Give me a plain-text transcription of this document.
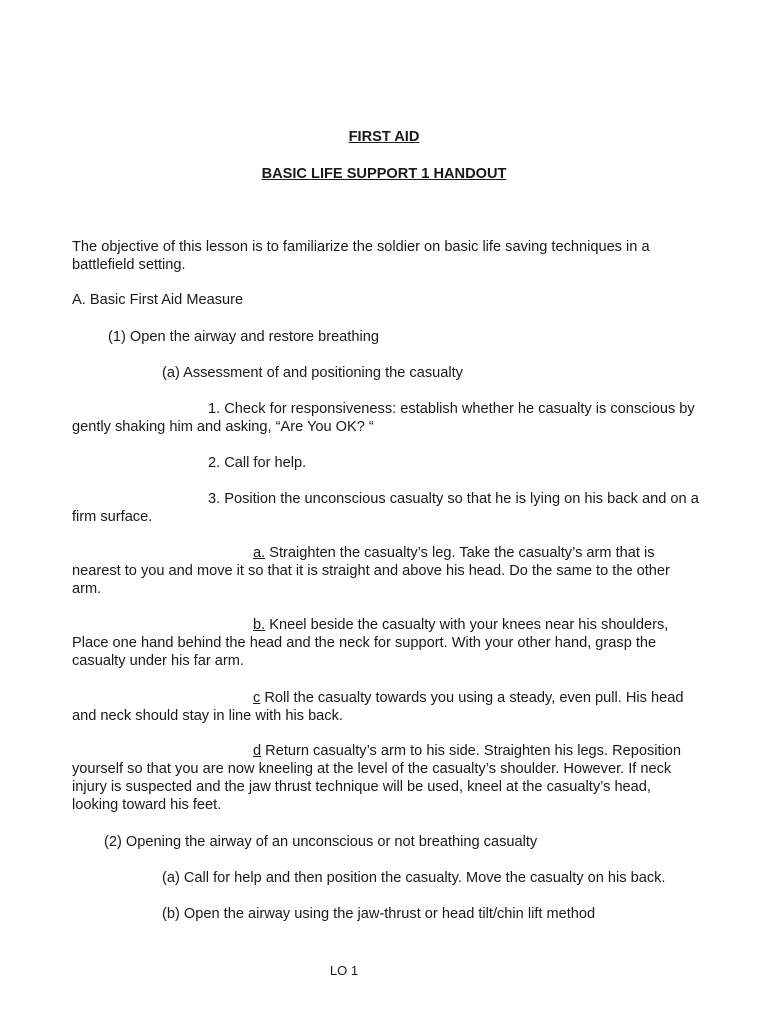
FIRST AID
BASIC LIFE SUPPORT 1 HANDOUT
The objective of this lesson is to familiarize the soldier on basic life saving techniques in a battlefield setting.
A. Basic First Aid Measure
(1) Open the airway and restore breathing
(a) Assessment of and positioning the casualty
1. Check for responsiveness: establish whether he casualty is conscious by gently shaking him and asking, “Are You OK? “
2. Call for help.
3. Position the unconscious casualty so that he is lying on his back and on a firm surface.
a. Straighten the casualty’s leg. Take the casualty’s arm that is nearest to you and move it so that it is straight and above his head. Do the same to the other arm.
b. Kneel beside the casualty with your knees near his shoulders, Place one hand behind the head and the neck for support. With your other hand, grasp the casualty under his far arm.
c Roll the casualty towards you using a steady, even pull. His head and neck should stay in line with his back.
d Return casualty’s arm to his side. Straighten his legs. Reposition yourself so that you are now kneeling at the level of the casualty’s shoulder. However. If neck injury is suspected and the jaw thrust technique will be used, kneel at the casualty’s head, looking toward his feet.
(2) Opening the airway of an unconscious or not breathing casualty
(a) Call for help and then position the casualty. Move the casualty on his back.
(b) Open the airway using the jaw-thrust or head tilt/chin lift method
LO 1
